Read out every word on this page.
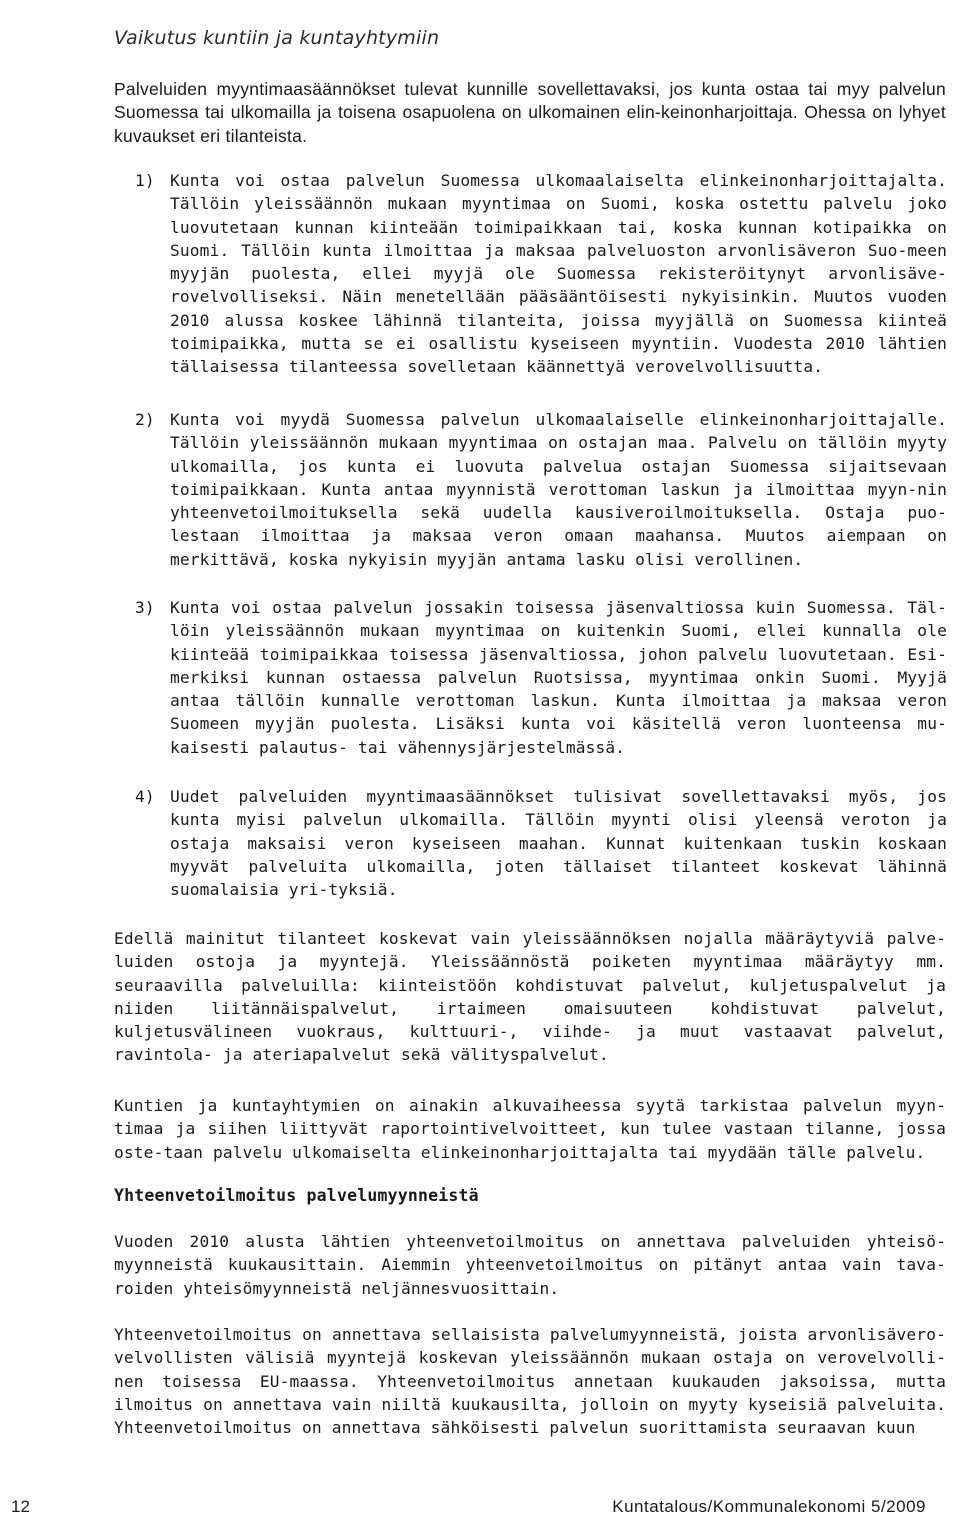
Vaikutus kuntiin ja kuntayhtymiin

Palveluiden myyntimaasäännökset tulevat kunnille sovellettavaksi, jos kunta ostaa tai myy palvelun Suomessa tai ulkomailla ja toisena osapuolena on ulkomainen elin-keinonharjoittaja. Ohessa on lyhyet kuvaukset eri tilanteista.

1) Kunta voi ostaa palvelun Suomessa ulkomaalaiselta elinkeinonharjoittajalta. Tällöin yleissäännön mukaan myyntimaa on Suomi, koska ostettu palvelu joko luovutetaan kunnan kiinteään toimipaikkaan tai, koska kunnan kotipaikka on Suomi. Tällöin kunta ilmoittaa ja maksaa palveluoston arvonlisäveron Suo-meen myyjän puolesta, ellei myyjä ole Suomessa rekisteröitynyt arvonlisäve-rovelvolliseksi. Näin menetellään pääsääntöisesti nykyisinkin. Muutos vuoden 2010 alussa koskee lähinnä tilanteita, joissa myyjällä on Suomessa kiinteä toimipaikka, mutta se ei osallistu kyseiseen myyntiin. Vuodesta 2010 lähtien tällaisessa tilanteessa sovelletaan käännettyä verovelvollisuutta.
2) Kunta voi myydä Suomessa palvelun ulkomaalaiselle elinkeinonharjoittajalle. Tällöin yleissäännön mukaan myyntimaa on ostajan maa. Palvelu on tällöin myyty ulkomailla, jos kunta ei luovuta palvelua ostajan Suomessa sijaitsevaan toimipaikkaan. Kunta antaa myynnistä verottoman laskun ja ilmoittaa myyn-nin yhteenvetoilmoituksella sekä uudella kausiveroilmoituksella. Ostaja puo-lestaan ilmoittaa ja maksaa veron omaan maahansa. Muutos aiempaan on merkittävä, koska nykyisin myyjän antama lasku olisi verollinen.
3) Kunta voi ostaa palvelun jossakin toisessa jäsenvaltiossa kuin Suomessa. Täl-löin yleissäännön mukaan myyntimaa on kuitenkin Suomi, ellei kunnalla ole kiinteää toimipaikkaa toisessa jäsenvaltiossa, johon palvelu luovutetaan. Esi-merkiksi kunnan ostaessa palvelun Ruotsissa, myyntimaa onkin Suomi. Myyjä antaa tällöin kunnalle verottoman laskun. Kunta ilmoittaa ja maksaa veron Suomeen myyjän puolesta. Lisäksi kunta voi käsitellä veron luonteensa mu-kaisesti palautus- tai vähennysjärjestelmässä.
4) Uudet palveluiden myyntimaasäännökset tulisivat sovellettavaksi myös, jos kunta myisi palvelun ulkomailla. Tällöin myynti olisi yleensä veroton ja ostaja maksaisi veron kyseiseen maahan. Kunnat kuitenkaan tuskin koskaan myyvät palveluita ulkomailla, joten tällaiset tilanteet koskevat lähinnä suomalaisia yri-tyksiä.

Edellä mainitut tilanteet koskevat vain yleissäännöksen nojalla määräytyviä palve-luiden ostoja ja myyntejä. Yleissäännöstä poiketen myyntimaa määräytyy mm. seuraavilla palveluilla: kiinteistöön kohdistuvat palvelut, kuljetuspalvelut ja niiden liitännäispalvelut, irtaimeen omaisuuteen kohdistuvat palvelut, kuljetusvälineen vuokraus, kulttuuri-, viihde- ja muut vastaavat palvelut, ravintola- ja ateriapalvelut sekä välityspalvelut.

Kuntien ja kuntayhtymien on ainakin alkuvaiheessa syytä tarkistaa palvelun myyn-timaa ja siihen liittyvät raportointivelvoitteet, kun tulee vastaan tilanne, jossa oste-taan palvelu ulkomaiselta elinkeinonharjoittajalta tai myydään tälle palvelu.

Yhteenvetoilmoitus palvelumyynneistä

Vuoden 2010 alusta lähtien yhteenvetoilmoitus on annettava palveluiden yhteisö-myynneistä kuukausittain. Aiemmin yhteenvetoilmoitus on pitänyt antaa vain tava-roiden yhteisömyynneistä neljännesvuosittain.

Yhteenvetoilmoitus on annettava sellaisista palvelumyynneistä, joista arvonlisävero-velvollisten välisiä myyntejä koskevan yleissäännön mukaan ostaja on verovelvolli-nen toisessa EU-maassa. Yhteenvetoilmoitus annetaan kuukauden jaksoissa, mutta ilmoitus on annettava vain niiltä kuukausilta, jolloin on myyty kyseisiä palveluita. Yhteenvetoilmoitus on annettava sähköisesti palvelun suorittamista seuraavan kuun

12	Kuntatalous/Kommunalekonomi 5/2009
